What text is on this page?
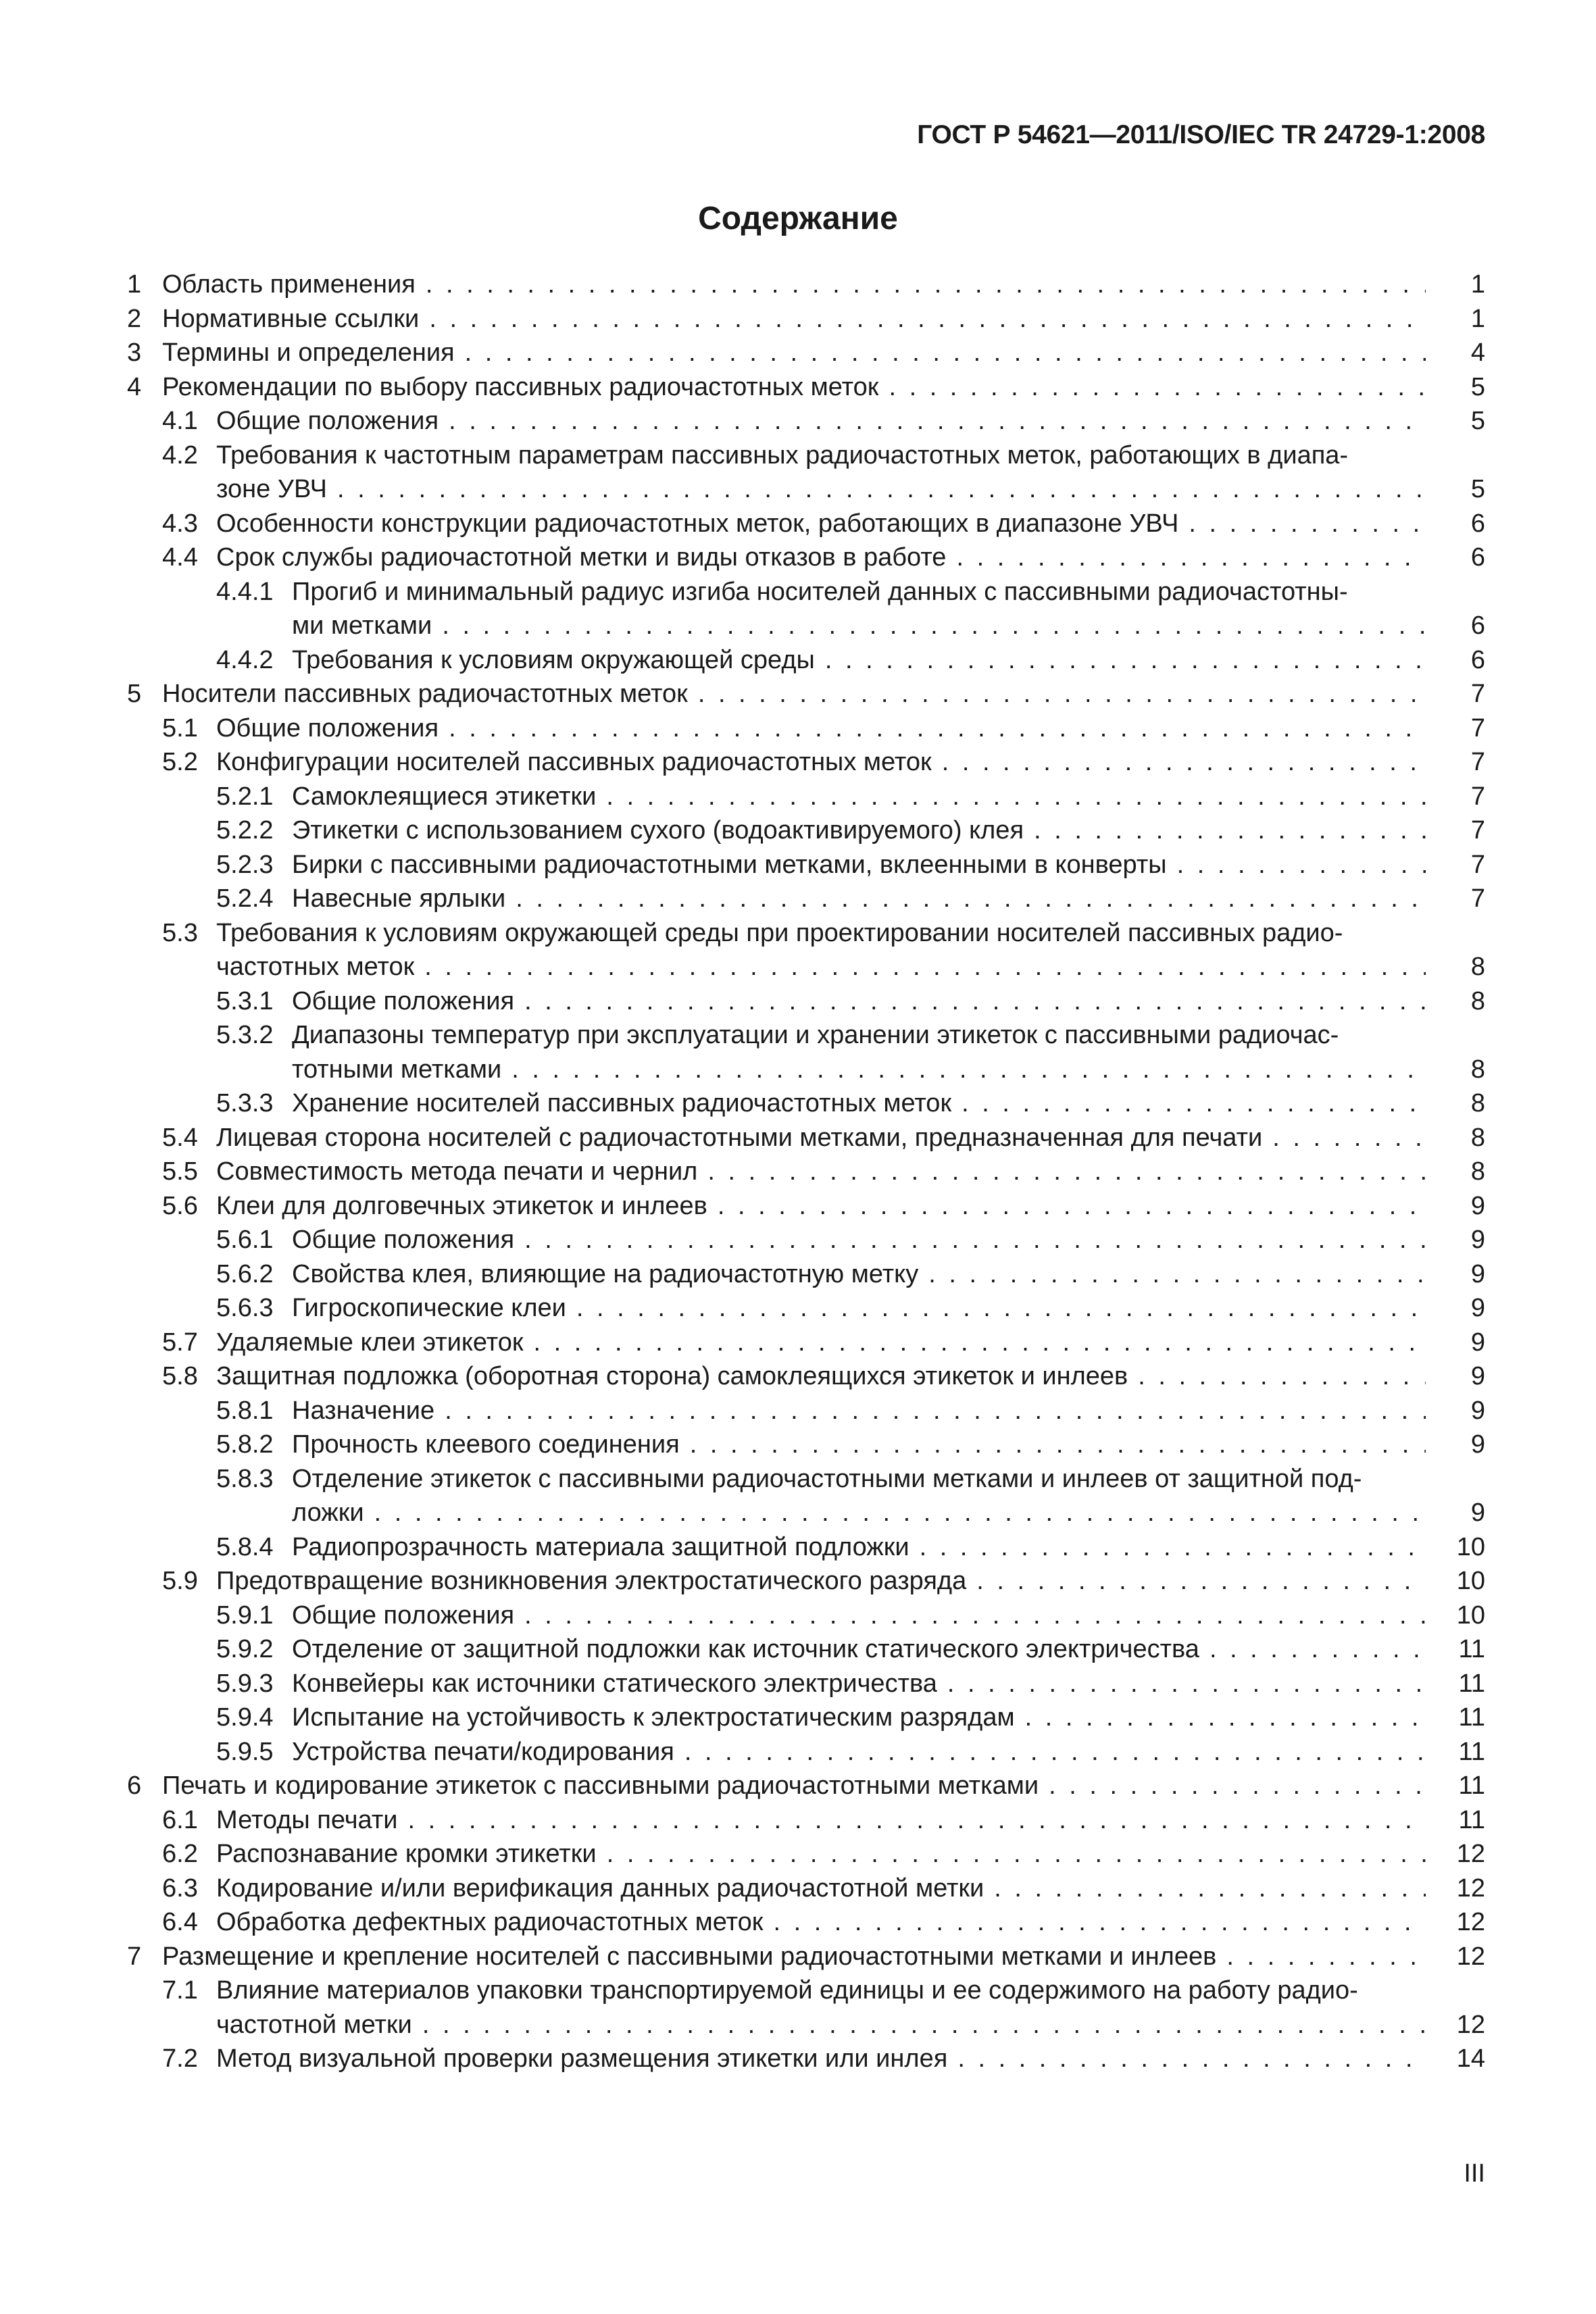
ГОСТ Р 54621—2011/ISO/IEC TR 24729-1:2008
Содержание
1 Область применения . . .	1
2 Нормативные ссылки . . .	1
3 Термины и определения . . .	4
4 Рекомендации по выбору пассивных радиочастотных меток . . .	5
4.1 Общие положения . . .	5
4.2 Требования к частотным параметрам пассивных радиочастотных меток, работающих в диапа-
зоне УВЧ . . .	5
4.3 Особенности конструкции радиочастотных меток, работающих в диапазоне УВЧ . . .	6
4.4 Срок службы радиочастотной метки и виды отказов в работе . . .	6
4.4.1 Прогиб и минимальный радиус изгиба носителей данных с пассивными радиочастотны-
ми метками . . .	6
4.4.2 Требования к условиям окружающей среды . . .	6
5 Носители пассивных радиочастотных меток . . .	7
5.1 Общие положения . . .	7
5.2 Конфигурации носителей пассивных радиочастотных меток . . .	7
5.2.1 Самоклеящиеся этикетки . . .	7
5.2.2 Этикетки с использованием сухого (водоактивируемого) клея . . .	7
5.2.3 Бирки с пассивными радиочастотными метками, вклеенными в конверты . . .	7
5.2.4 Навесные ярлыки . . .	7
5.3 Требования к условиям окружающей среды при проектировании носителей пассивных радио-
частотных меток . . .	8
5.3.1 Общие положения . . .	8
5.3.2 Диапазоны температур при эксплуатации и хранении этикеток с пассивными радиочас-
тотными метками . . .	8
5.3.3 Хранение носителей пассивных радиочастотных меток . . .	8
5.4 Лицевая сторона носителей с радиочастотными метками, предназначенная для печати . . .	8
5.5 Совместимость метода печати и чернил . . .	8
5.6 Клеи для долговечных этикеток и инлеев . . .	9
5.6.1 Общие положения . . .	9
5.6.2 Свойства клея, влияющие на радиочастотную метку . . .	9
5.6.3 Гигроскопические клеи . . .	9
5.7 Удаляемые клеи этикеток . . .	9
5.8 Защитная подложка (оборотная сторона) самоклеящихся этикеток и инлеев . . .	9
5.8.1 Назначение . . .	9
5.8.2 Прочность клеевого соединения . . .	9
5.8.3 Отделение этикеток с пассивными радиочастотными метками и инлеев от защитной под-
ложки . . .	9
5.8.4 Радиопрозрачность материала защитной подложки . . .	10
5.9 Предотвращение возникновения электростатического разряда . . .	10
5.9.1 Общие положения . . .	10
5.9.2 Отделение от защитной подложки как источник статического электричества . . .	11
5.9.3 Конвейеры как источники статического электричества . . .	11
5.9.4 Испытание на устойчивость к электростатическим разрядам . . .	11
5.9.5 Устройства печати/кодирования . . .	11
6 Печать и кодирование этикеток с пассивными радиочастотными метками . . .	11
6.1 Методы печати . . .	11
6.2 Распознавание кромки этикетки . . .	12
6.3 Кодирование и/или верификация данных радиочастотной метки . . .	12
6.4 Обработка дефектных радиочастотных меток . . .	12
7 Размещение и крепление носителей с пассивными радиочастотными метками и инлеев . . .	12
7.1 Влияние материалов упаковки транспортируемой единицы и ее содержимого на работу радио-
частотной метки . . .	12
7.2 Метод визуальной проверки размещения этикетки или инлея . . .	14
III
